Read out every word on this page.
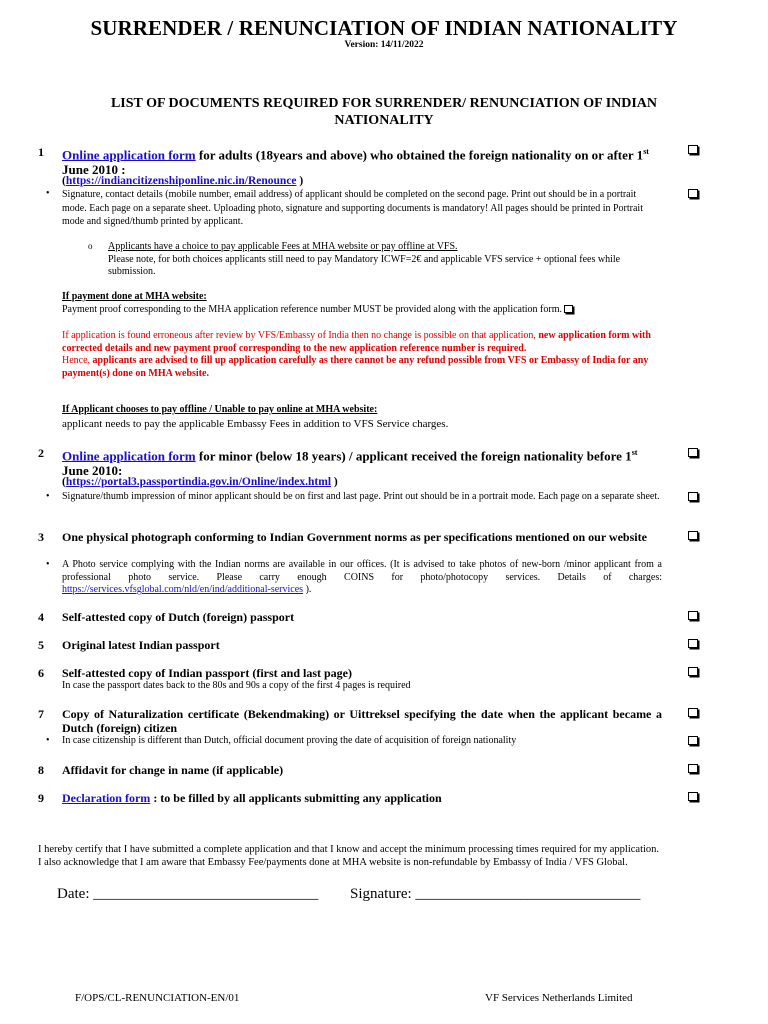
SURRENDER / RENUNCIATION OF INDIAN NATIONALITY
Version: 14/11/2022
LIST OF DOCUMENTS REQUIRED FOR SURRENDER/ RENUNCIATION OF INDIAN NATIONALITY
1 Online application form for adults (18years and above) who obtained the foreign nationality on or after 1st June 2010 :
(https://indiancitizenshiponline.nic.in/Renounce )
• Signature, contact details (mobile number, email address) of applicant should be completed on the second page. Print out should be in a portrait mode. Each page on a separate sheet. Uploading photo, signature and supporting documents is mandatory! All pages should be printed in Portrait mode and signed/thumb printed by applicant.
o Applicants have a choice to pay applicable Fees at MHA website or pay offline at VFS.
Please note, for both choices applicants still need to pay Mandatory ICWF=2€ and applicable VFS service + optional fees while submission.
If payment done at MHA website:
Payment proof corresponding to the MHA application reference number MUST be provided along with the application form.
If application is found erroneous after review by VFS/Embassy of India then no change is possible on that application, new application form with corrected details and new payment proof corresponding to the new application reference number is required.
Hence, applicants are advised to fill up application carefully as there cannot be any refund possible from VFS or Embassy of India for any payment(s) done on MHA website.
If Applicant chooses to pay offline / Unable to pay online at MHA website:
applicant needs to pay the applicable Embassy Fees in addition to VFS Service charges.
2 Online application form for minor (below 18 years) / applicant received the foreign nationality before 1st June 2010:
(https://portal3.passportindia.gov.in/Online/index.html )
• Signature/thumb impression of minor applicant should be on first and last page. Print out should be in a portrait mode. Each page on a separate sheet.
3 One physical photograph conforming to Indian Government norms as per specifications mentioned on our website
• A Photo service complying with the Indian norms are available in our offices. (It is advised to take photos of new-born /minor applicant from a professional photo service. Please carry enough COINS for photo/photocopy services. Details of charges: https://services.vfsglobal.com/nld/en/ind/additional-services ).
4 Self-attested copy of Dutch (foreign) passport
5 Original latest Indian passport
6 Self-attested copy of Indian passport (first and last page)
In case the passport dates back to the 80s and 90s a copy of the first 4 pages is required
7 Copy of Naturalization certificate (Bekendmaking) or Uittreksel specifying the date when the applicant became a Dutch (foreign) citizen
• In case citizenship is different than Dutch, official document proving the date of acquisition of foreign nationality
8 Affidavit for change in name (if applicable)
9 Declaration form : to be filled by all applicants submitting any application
I hereby certify that I have submitted a complete application and that I know and accept the minimum processing times required for my application.
I also acknowledge that I am aware that Embassy Fee/payments done at MHA website is non-refundable by Embassy of India / VFS Global.
Date: ______________________________ Signature: ______________________________
F/OPS/CL-RENUNCIATION-EN/01	VF Services Netherlands Limited
